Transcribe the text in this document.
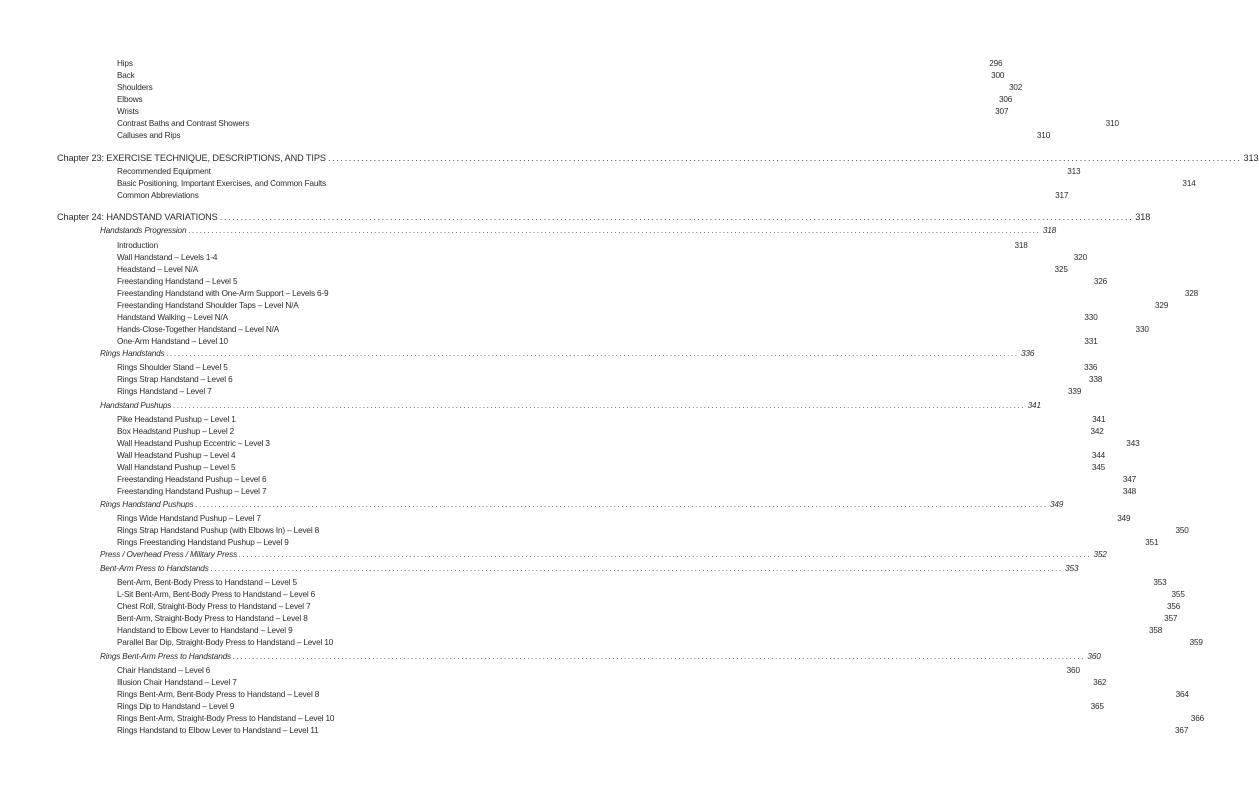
Hips	296
Back	300
Shoulders	302
Elbows	306
Wrists	307
Contrast Baths and Contrast Showers	310
Calluses and Rips	310
Chapter 23: EXERCISE TECHNIQUE, DESCRIPTIONS, AND TIPS ............................................................................................................................................................................................................................ 313
Recommended Equipment	313
Basic Positioning, Important Exercises, and Common Faults	314
Common Abbreviations	317
Chapter 24: HANDSTAND VARIATIONS ............................................................................................................................................................................................................................ 318
Handstands Progression ............................................................................................................................................................................................................................ 318
Introduction	318
Wall Handstand – Levels 1-4	320
Headstand – Level N/A	325
Freestanding Handstand – Level 5	326
Freestanding Handstand with One-Arm Support – Levels 6-9	328
Freestanding Handstand Shoulder Taps – Level N/A	329
Handstand Walking – Level N/A	330
Hands-Close-Together Handstand – Level N/A	330
One-Arm Handstand – Level 10	331
Rings Handstands ............................................................................................................................................................................................................................ 336
Rings Shoulder Stand – Level 5	336
Rings Strap Handstand – Level 6	338
Rings Handstand – Level 7	339
Handstand Pushups ............................................................................................................................................................................................................................ 341
Pike Headstand Pushup – Level 1	341
Box Headstand Pushup – Level 2	342
Wall Headstand Pushup Eccentric – Level 3	343
Wall Headstand Pushup – Level 4	344
Wall Handstand Pushup – Level 5	345
Freestanding Headstand Pushup – Level 6	347
Freestanding Handstand Pushup – Level 7	348
Rings Handstand Pushups ............................................................................................................................................................................................................................ 349
Rings Wide Handstand Pushup – Level 7	349
Rings Strap Handstand Pushup (with Elbows In) – Level 8	350
Rings Freestanding Handstand Pushup – Level 9	351
Press / Overhead Press / Military Press ............................................................................................................................................................................................................................ 352
Bent-Arm Press to Handstands ............................................................................................................................................................................................................................ 353
Bent-Arm, Bent-Body Press to Handstand – Level 5	353
L-Sit Bent-Arm, Bent-Body Press to Handstand – Level 6	355
Chest Roll, Straight-Body Press to Handstand – Level 7	356
Bent-Arm, Straight-Body Press to Handstand – Level 8	357
Handstand to Elbow Lever to Handstand – Level 9	358
Parallel Bar Dip, Straight-Body Press to Handstand – Level 10	359
Rings Bent-Arm Press to Handstands ............................................................................................................................................................................................................................ 360
Chair Handstand – Level 6	360
Illusion Chair Handstand – Level 7	362
Rings Bent-Arm, Bent-Body Press to Handstand – Level 8	364
Rings Dip to Handstand – Level 9	365
Rings Bent-Arm, Straight-Body Press to Handstand – Level 10	366
Rings Handstand to Elbow Lever to Handstand – Level 11	367
